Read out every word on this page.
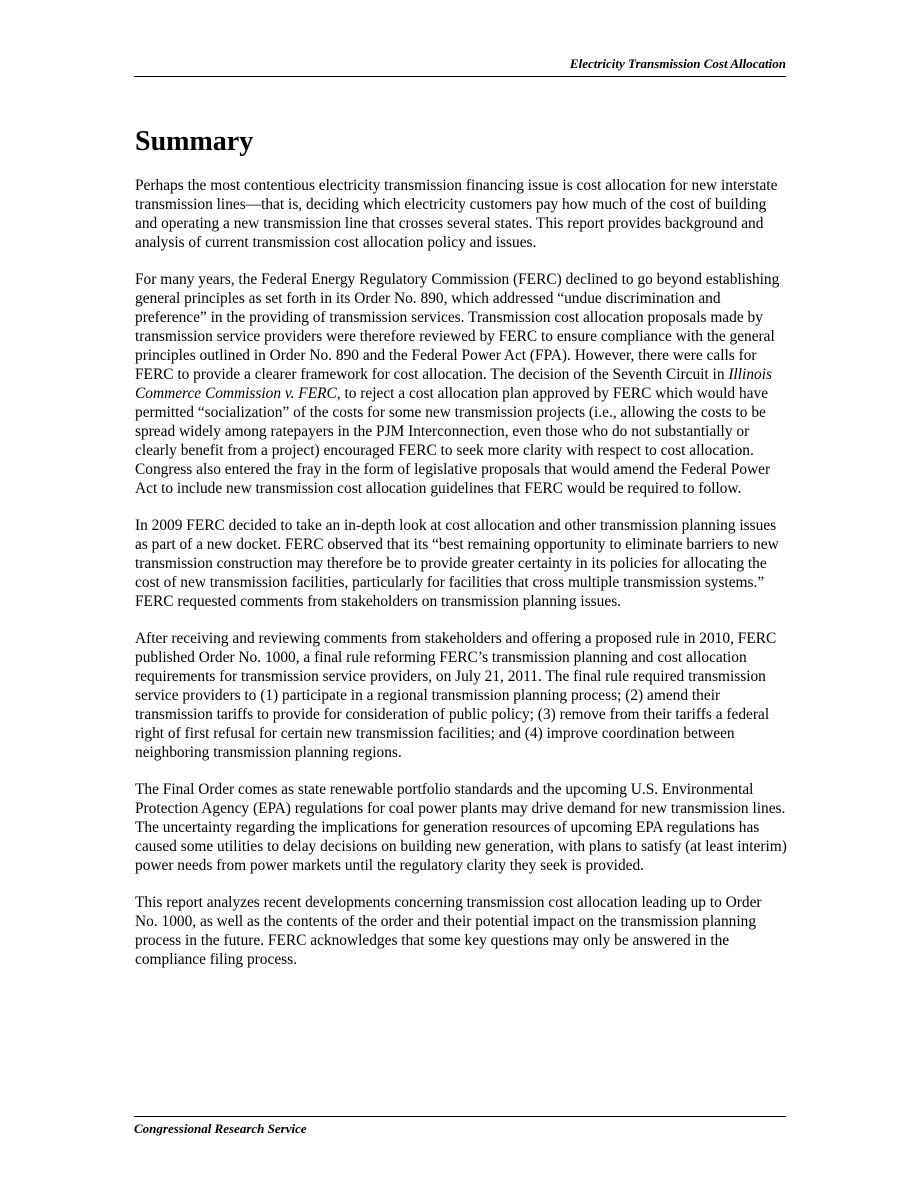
Electricity Transmission Cost Allocation
Summary

Perhaps the most contentious electricity transmission financing issue is cost allocation for new interstate transmission lines—that is, deciding which electricity customers pay how much of the cost of building and operating a new transmission line that crosses several states. This report provides background and analysis of current transmission cost allocation policy and issues.

For many years, the Federal Energy Regulatory Commission (FERC) declined to go beyond establishing general principles as set forth in its Order No. 890, which addressed “undue discrimination and preference” in the providing of transmission services. Transmission cost allocation proposals made by transmission service providers were therefore reviewed by FERC to ensure compliance with the general principles outlined in Order No. 890 and the Federal Power Act (FPA). However, there were calls for FERC to provide a clearer framework for cost allocation. The decision of the Seventh Circuit in Illinois Commerce Commission v. FERC, to reject a cost allocation plan approved by FERC which would have permitted “socialization” of the costs for some new transmission projects (i.e., allowing the costs to be spread widely among ratepayers in the PJM Interconnection, even those who do not substantially or clearly benefit from a project) encouraged FERC to seek more clarity with respect to cost allocation. Congress also entered the fray in the form of legislative proposals that would amend the Federal Power Act to include new transmission cost allocation guidelines that FERC would be required to follow.

In 2009 FERC decided to take an in-depth look at cost allocation and other transmission planning issues as part of a new docket. FERC observed that its “best remaining opportunity to eliminate barriers to new transmission construction may therefore be to provide greater certainty in its policies for allocating the cost of new transmission facilities, particularly for facilities that cross multiple transmission systems.” FERC requested comments from stakeholders on transmission planning issues.

After receiving and reviewing comments from stakeholders and offering a proposed rule in 2010, FERC published Order No. 1000, a final rule reforming FERC’s transmission planning and cost allocation requirements for transmission service providers, on July 21, 2011. The final rule required transmission service providers to (1) participate in a regional transmission planning process; (2) amend their transmission tariffs to provide for consideration of public policy; (3) remove from their tariffs a federal right of first refusal for certain new transmission facilities; and (4) improve coordination between neighboring transmission planning regions.

The Final Order comes as state renewable portfolio standards and the upcoming U.S. Environmental Protection Agency (EPA) regulations for coal power plants may drive demand for new transmission lines. The uncertainty regarding the implications for generation resources of upcoming EPA regulations has caused some utilities to delay decisions on building new generation, with plans to satisfy (at least interim) power needs from power markets until the regulatory clarity they seek is provided.

This report analyzes recent developments concerning transmission cost allocation leading up to Order No. 1000, as well as the contents of the order and their potential impact on the transmission planning process in the future. FERC acknowledges that some key questions may only be answered in the compliance filing process.

Congressional Research Service
